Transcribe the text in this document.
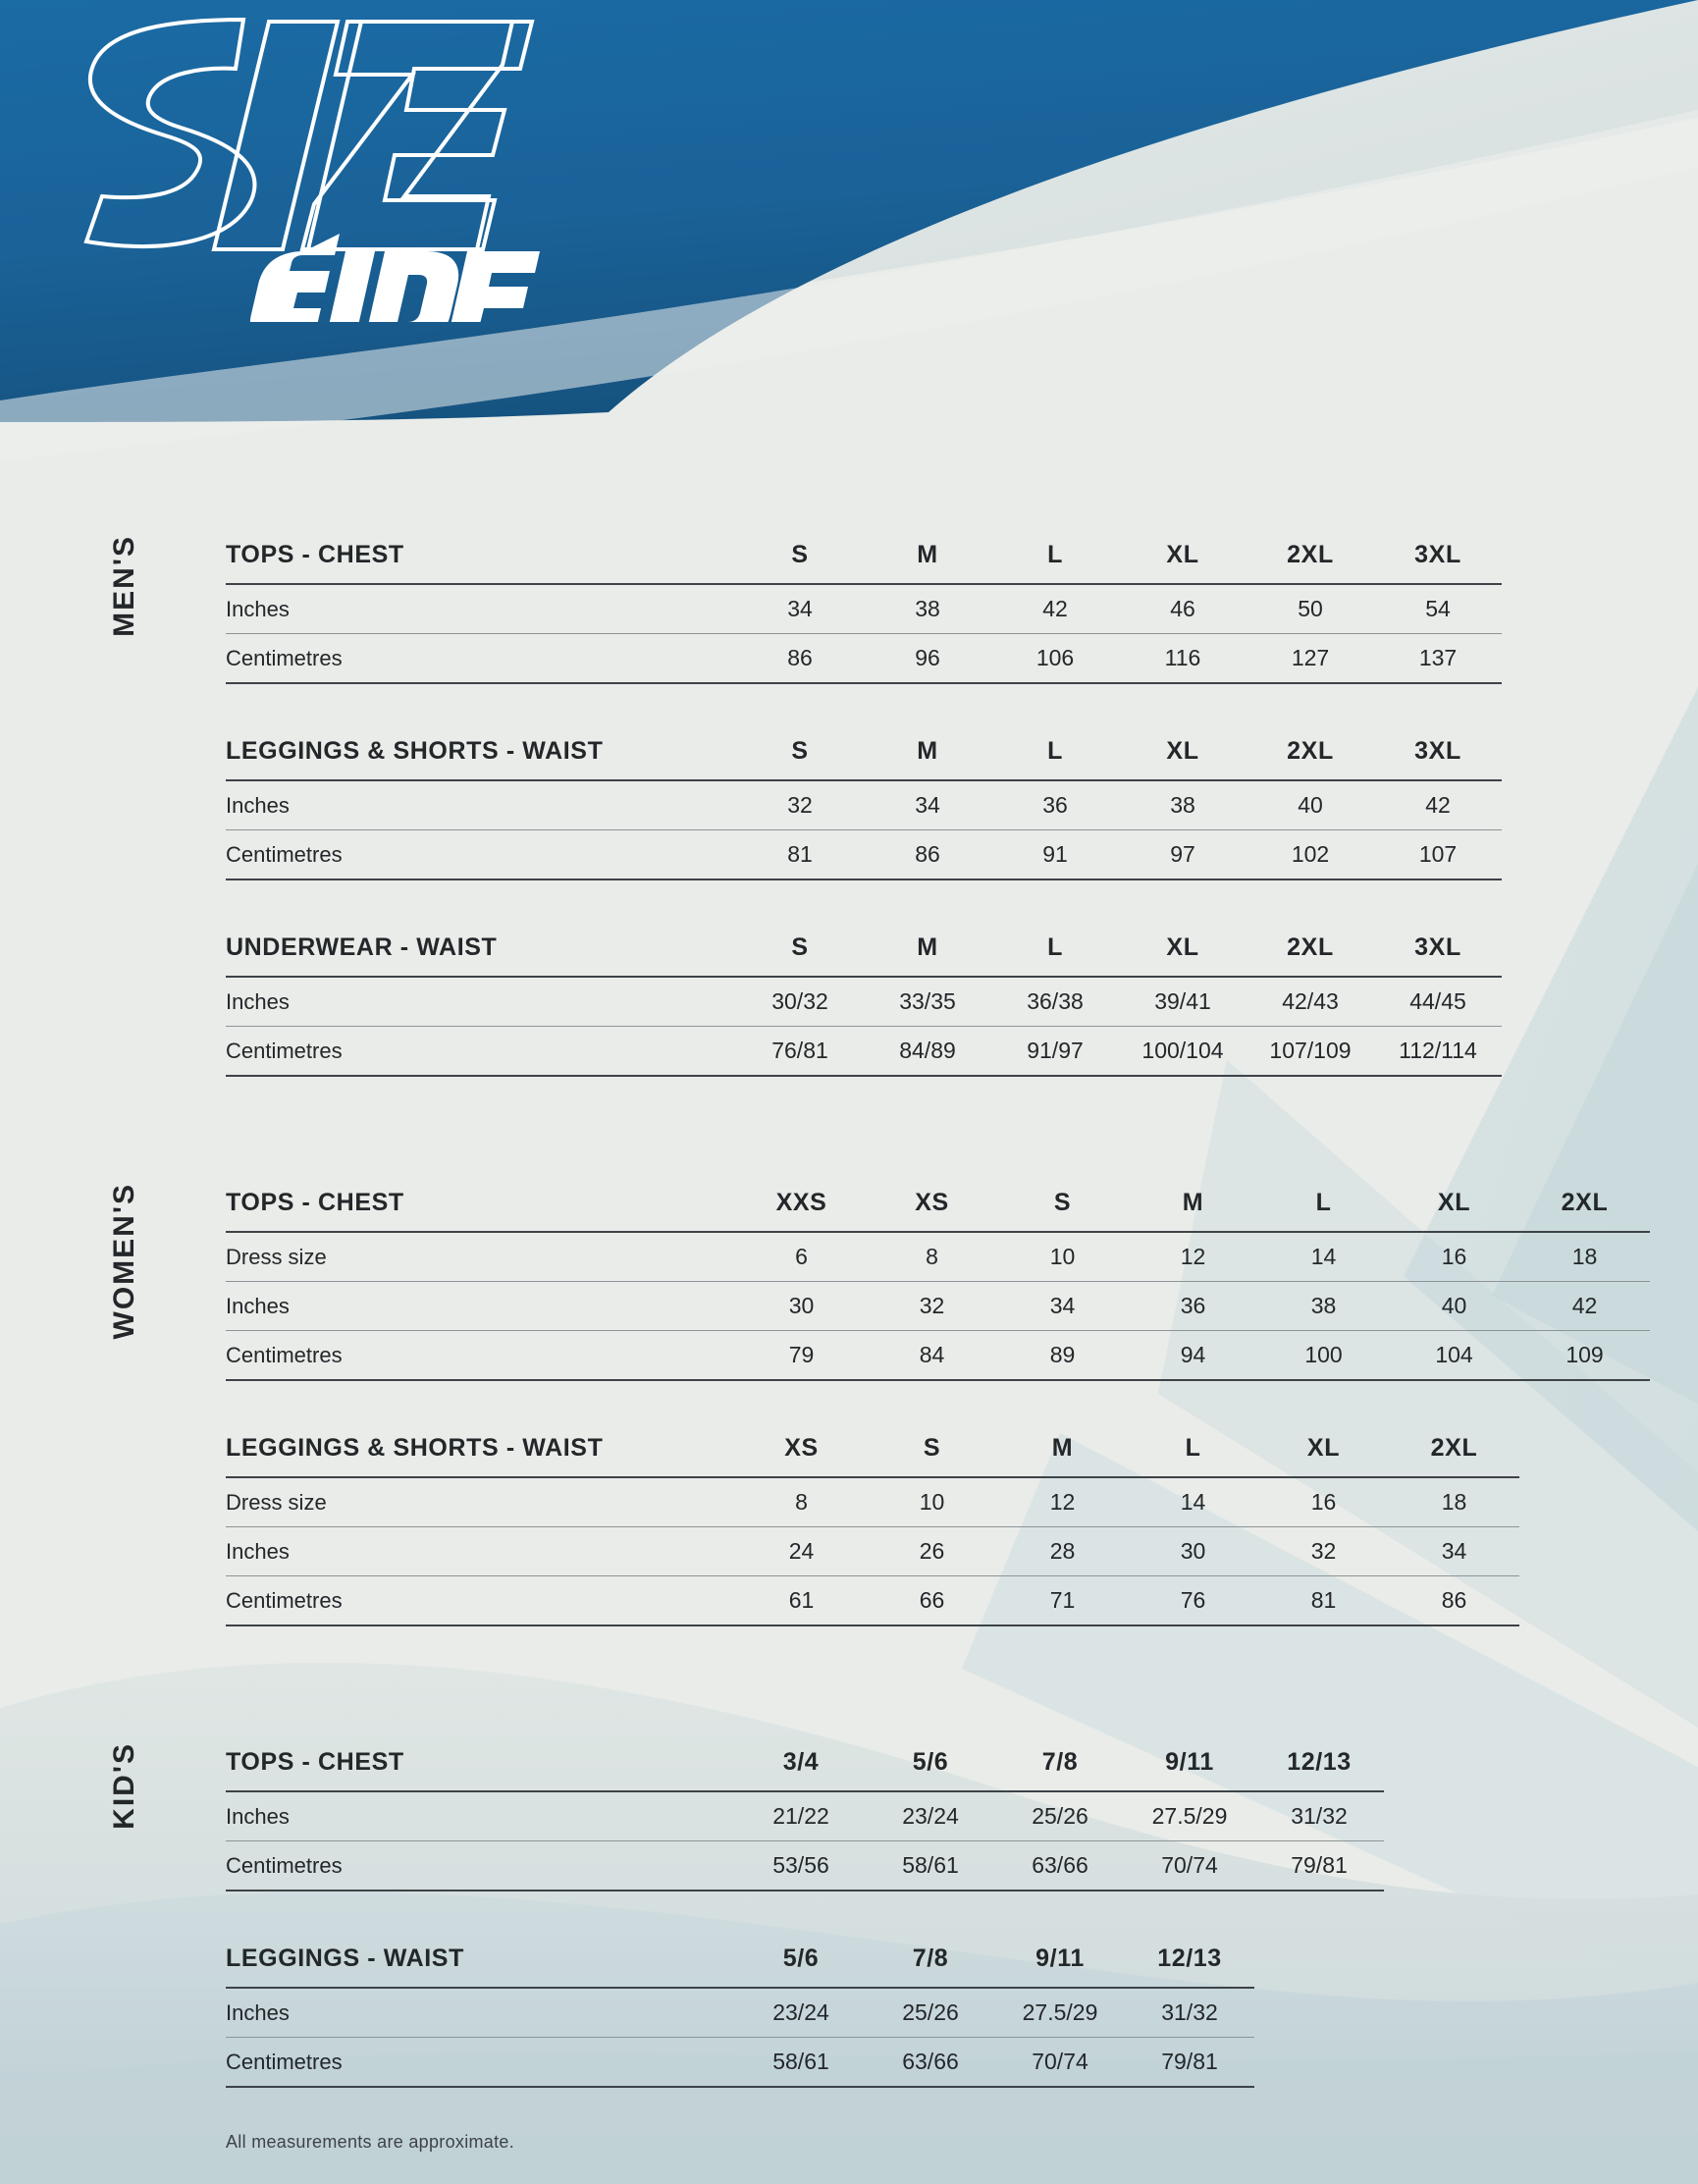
MEN'S	TOPS - CHEST	S	M	L	XL	2XL	3XL
Inches	34	38	42	46	50	54
Centimetres	86	96	106	116	127	137
LEGGINGS & SHORTS - WAIST	S	M	L	XL	2XL	3XL
Inches	32	34	36	38	40	42
Centimetres	81	86	91	97	102	107
UNDERWEAR - WAIST	S	M	L	XL	2XL	3XL
Inches	30/32	33/35	36/38	39/41	42/43	44/45
Centimetres	76/81	84/89	91/97	100/104	107/109	112/114
WOMEN'S	TOPS - CHEST	XXS	XS	S	M	L	XL	2XL
Dress size	6	8	10	12	14	16	18
Inches	30	32	34	36	38	40	42
Centimetres	79	84	89	94	100	104	109
LEGGINGS & SHORTS - WAIST	XS	S	M	L	XL	2XL
Dress size	8	10	12	14	16	18
Inches	24	26	28	30	32	34
Centimetres	61	66	71	76	81	86
KID'S	TOPS - CHEST	3/4	5/6	7/8	9/11	12/13
Inches	21/22	23/24	25/26	27.5/29	31/32
Centimetres	53/56	58/61	63/66	70/74	79/81
LEGGINGS - WAIST	5/6	7/8	9/11	12/13
Inches	23/24	25/26	27.5/29	31/32
Centimetres	58/61	63/66	70/74	79/81
All measurements are approximate.
